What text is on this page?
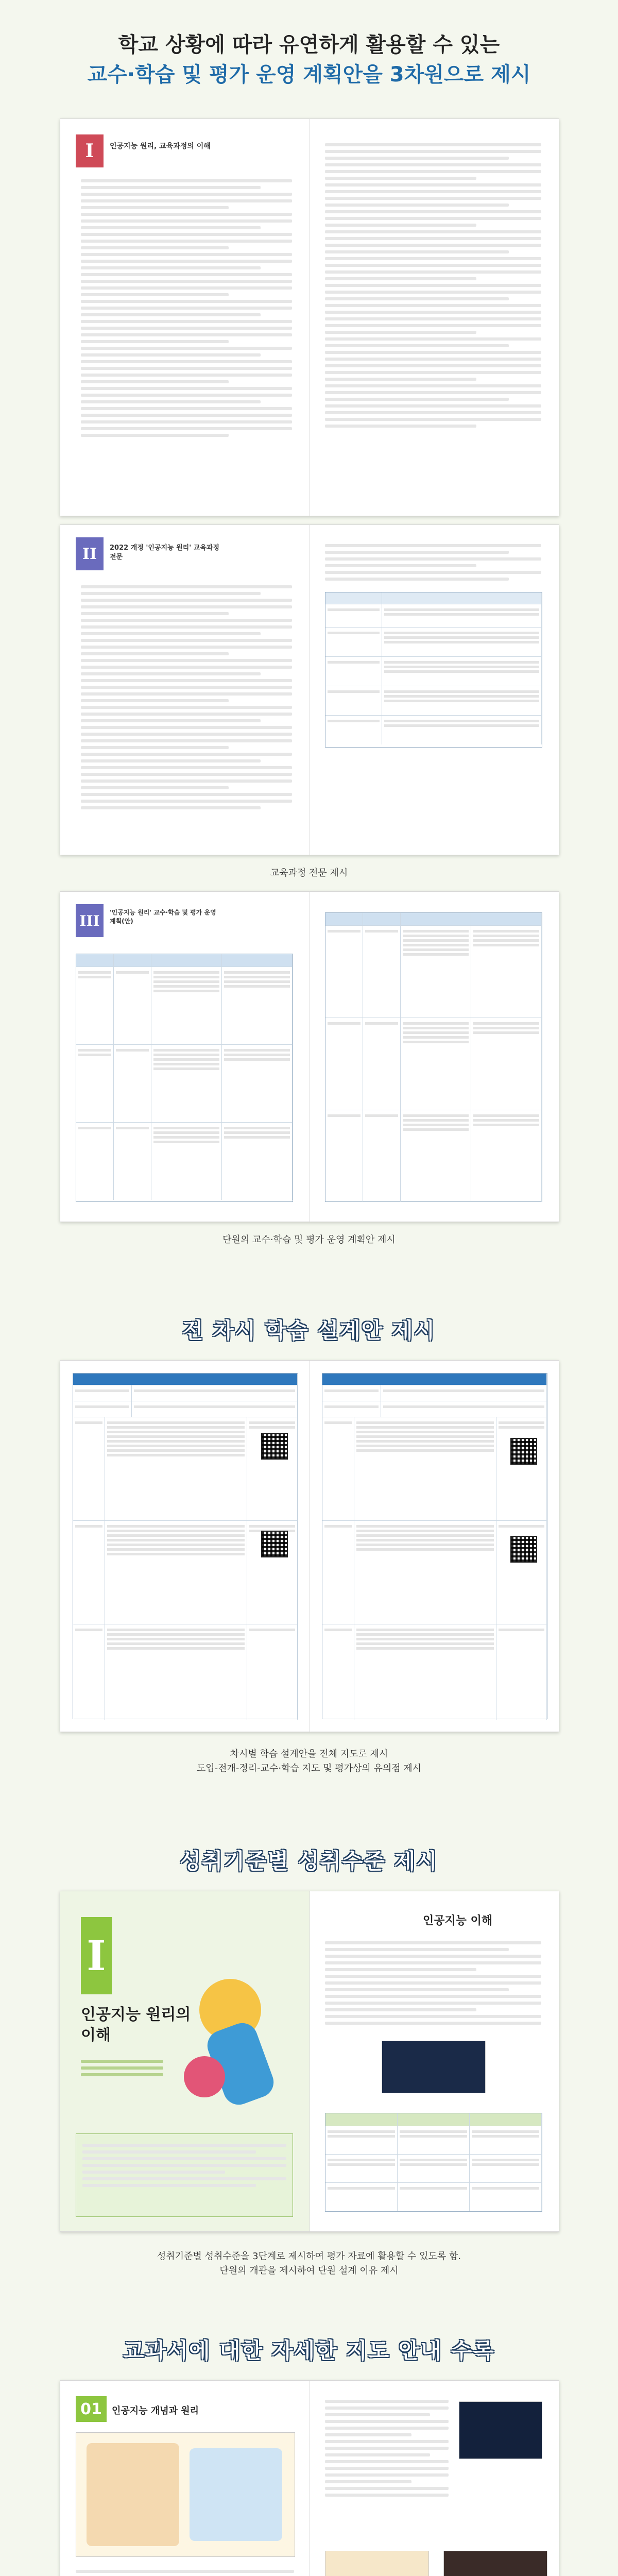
학교 상황에 따라 유연하게 활용할 수 있는
교수·학습 및 평가 운영 계획안을 3차원으로 제시
I	인공지능 원리, 교육과정의 이해
II	2022 개정 '인공지능 원리' 교육과정 전문
교육과정 전문 제시
III	'인공지능 원리' 교수·학습 및 평가 운영 계획(안)
단원의 교수·학습 및 평가 운영 계획안 제시
전 차시 학습 설계안 제시
차시별 학습 설계안을 전체 지도로 제시
도입-전개-정리-교수·학습 지도 및 평가상의 유의점 제시
성취기준별 성취수준 제시
I
인공지능 원리의
이해
인공지능 이해
성취기준별 성취수준을 3단계로 제시하여 평가 자료에 활용할 수 있도록 함.
단원의 개관을 제시하여 단원 설계 이유 제시
교과서에 대한 자세한 지도 안내 수록
01	인공지능 개념과 원리
